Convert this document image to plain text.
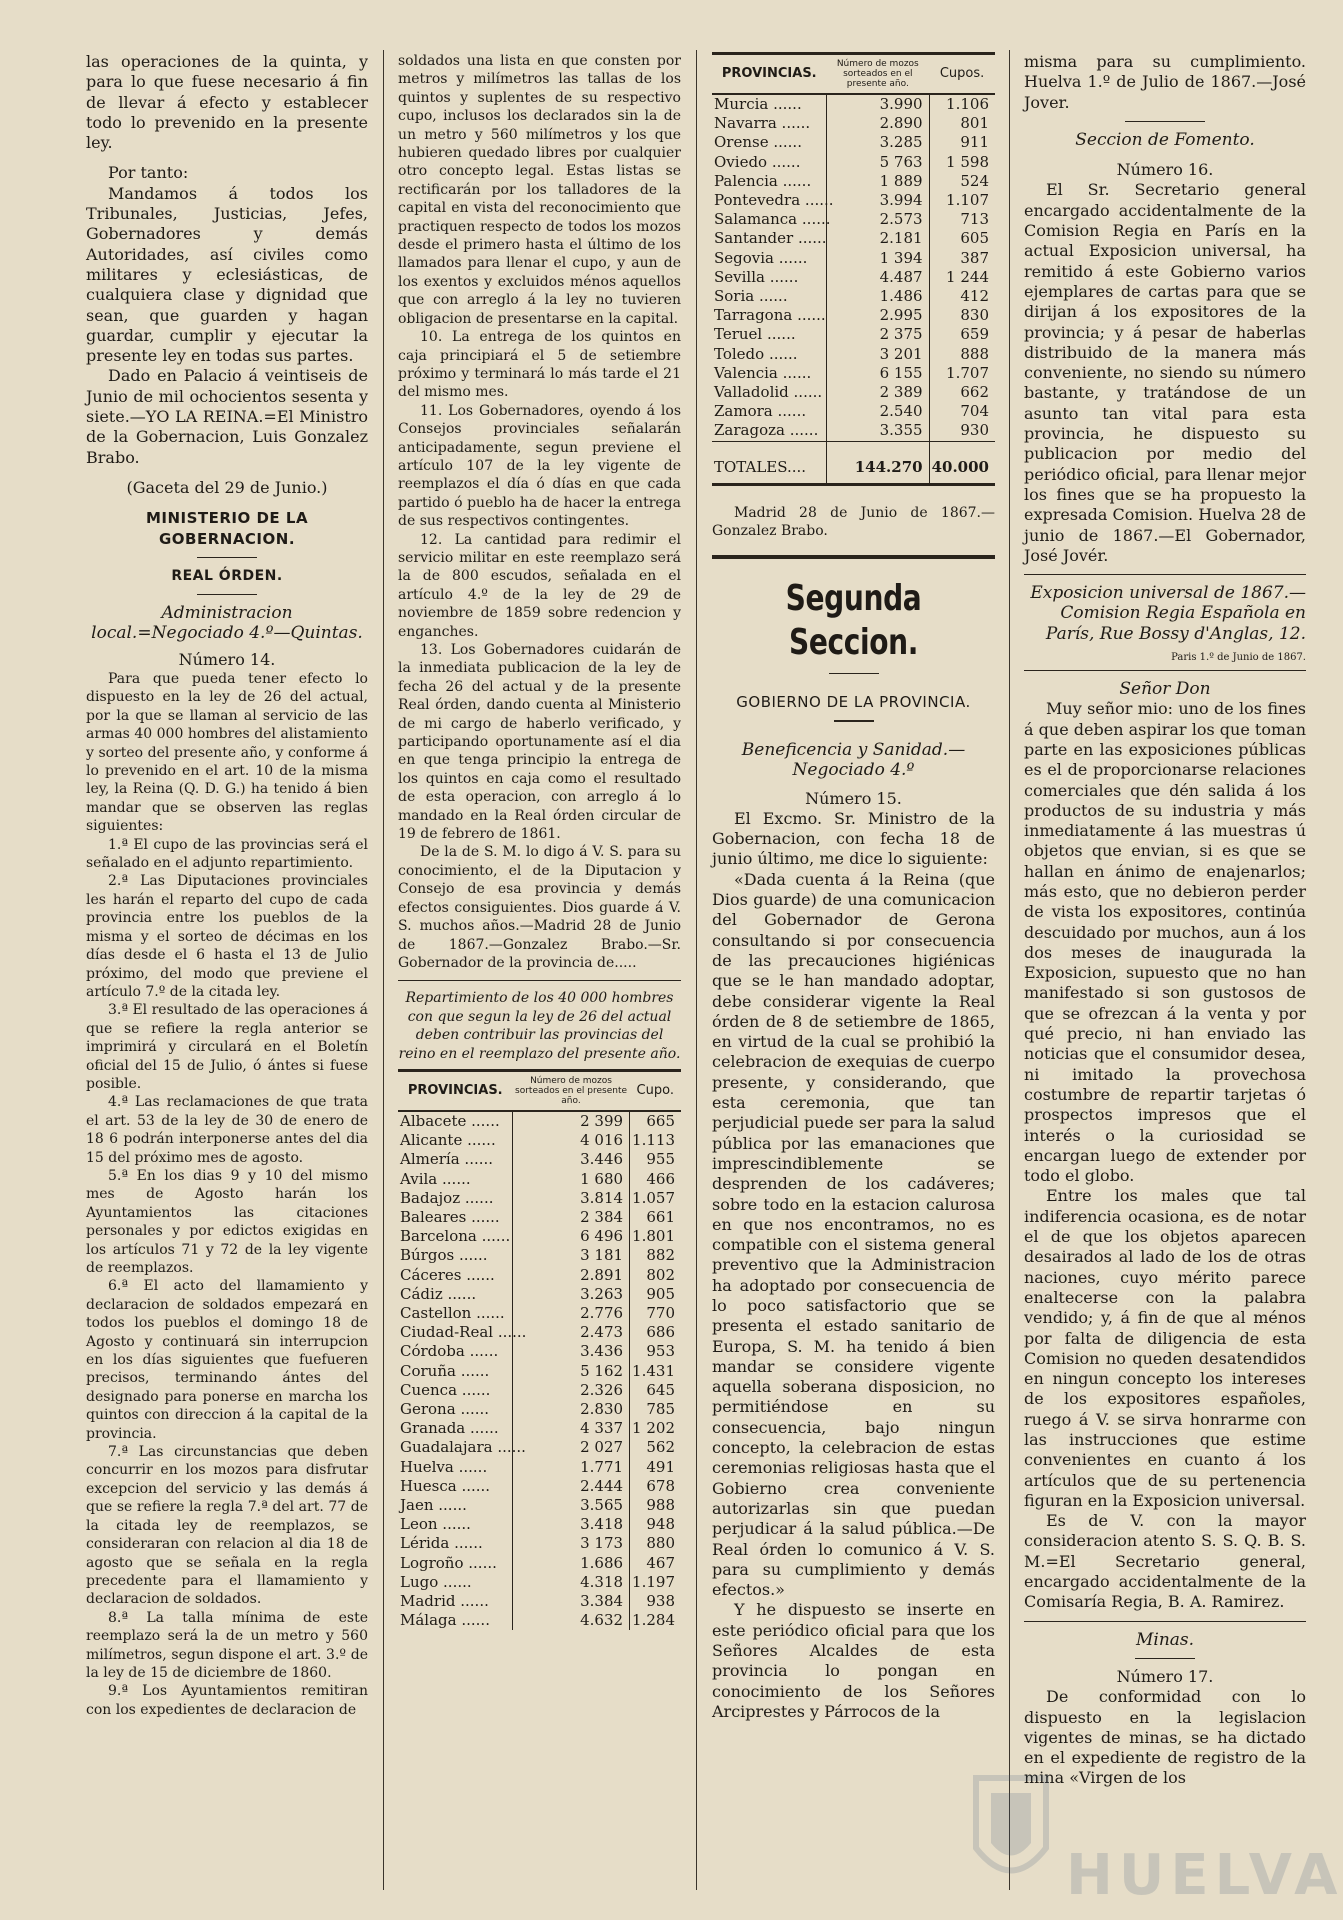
las operaciones de la quinta, y para lo que fuese necesario á fin de llevar á efecto y establecer todo lo prevenido en la presente ley.

Por tanto:

Mandamos á todos los Tribunales, Justicias, Jefes, Gobernadores y demás Autoridades, así civiles como militares y eclesiásticas, de cualquiera clase y dignidad que sean, que guarden y hagan guardar, cumplir y ejecutar la presente ley en todas sus partes.

Dado en Palacio á veintiseis de Junio de mil ochocientos sesenta y siete.—YO LA REINA.=El Ministro de la Gobernacion, Luis Gonzalez Brabo.

(Gaceta del 29 de Junio.)

MINISTERIO DE LA GOBERNACION.

REAL ÓRDEN.

Administracion local.=Negociado 4.º—Quintas.

Número 14.

Para que pueda tener efecto lo dispuesto en la ley de 26 del actual, por la que se llaman al servicio de las armas 40 000 hombres del alistamiento y sorteo del presente año, y conforme á lo prevenido en el art. 10 de la misma ley, la Reina (Q. D. G.) ha tenido á bien mandar que se observen las reglas siguientes:

1.ª El cupo de las provincias será el señalado en el adjunto repartimiento.

2.ª Las Diputaciones provinciales les harán el reparto del cupo de cada provincia entre los pueblos de la misma y el sorteo de décimas en los días desde el 6 hasta el 13 de Julio próximo, del modo que previene el artículo 7.º de la citada ley.

3.ª El resultado de las operaciones á que se refiere la regla anterior se imprimirá y circulará en el Boletín oficial del 15 de Julio, ó ántes si fuese posible.

4.ª Las reclamaciones de que trata el art. 53 de la ley de 30 de enero de 18 6 podrán interponerse antes del dia 15 del próximo mes de agosto.

5.ª En los dias 9 y 10 del mismo mes de Agosto harán los Ayuntamientos las citaciones personales y por edictos exigidas en los artículos 71 y 72 de la ley vigente de reemplazos.

6.ª El acto del llamamiento y declaracion de soldados empezará en todos los pueblos el domingo 18 de Agosto y continuará sin interrupcion en los días siguientes que fuefueren precisos, terminando ántes del designado para ponerse en marcha los quintos con direccion á la capital de la provincia.

7.ª Las circunstancias que deben concurrir en los mozos para disfrutar excepcion del servicio y las demás á que se refiere la regla 7.ª del art. 77 de la citada ley de reemplazos, se consideraran con relacion al dia 18 de agosto que se señala en la regla precedente para el llamamiento y declaracion de soldados.

8.ª La talla mínima de este reemplazo será la de un metro y 560 milímetros, segun dispone el art. 3.º de la ley de 15 de diciembre de 1860.

9.ª Los Ayuntamientos remitiran con los expedientes de declaracion de

soldados una lista en que consten por metros y milímetros las tallas de los quintos y suplentes de su respectivo cupo, inclusos los declarados sin la de un metro y 560 milímetros y los que hubieren quedado libres por cualquier otro concepto legal. Estas listas se rectificarán por los talladores de la capital en vista del reconocimiento que practiquen respecto de todos los mozos desde el primero hasta el último de los llamados para llenar el cupo, y aun de los exentos y excluidos ménos aquellos que con arreglo á la ley no tuvieren obligacion de presentarse en la capital.

10. La entrega de los quintos en caja principiará el 5 de setiembre próximo y terminará lo más tarde el 21 del mismo mes.

11. Los Gobernadores, oyendo á los Consejos provinciales señalarán anticipadamente, segun previene el artículo 107 de la ley vigente de reemplazos el día ó días en que cada partido ó pueblo ha de hacer la entrega de sus respectivos contingentes.

12. La cantidad para redimir el servicio militar en este reemplazo será la de 800 escudos, señalada en el artículo 4.º de la ley de 29 de noviembre de 1859 sobre redencion y enganches.

13. Los Gobernadores cuidarán de la inmediata publicacion de la ley de fecha 26 del actual y de la presente Real órden, dando cuenta al Ministerio de mi cargo de haberlo verificado, y participando oportunamente así el dia en que tenga principio la entrega de los quintos en caja como el resultado de esta operacion, con arreglo á lo mandado en la Real órden circular de 19 de febrero de 1861.

De la de S. M. lo digo á V. S. para su conocimiento, el de la Diputacion y Consejo de esa provincia y demás efectos consiguientes. Dios guarde á V. S. muchos años.—Madrid 28 de Junio de 1867.—Gonzalez Brabo.—Sr. Gobernador de la provincia de.....

Repartimiento de los 40 000 hombres con que segun la ley de 26 del actual deben contribuir las provincias del reino en el reemplazo del presente año.

PROVINCIAS.	Número de mozos sorteados en el presente año.	Cupo.
Albacete ......	2 399	665
Alicante ......	4 016	1.113
Almería ......	3.446	955
Avila ......	1 680	466
Badajoz ......	3.814	1.057
Baleares ......	2 384	661
Barcelona ......	6 496	1.801
Búrgos ......	3 181	882
Cáceres ......	2.891	802
Cádiz ......	3.263	905
Castellon ......	2.776	770
Ciudad-Real ......	2.473	686
Córdoba ......	3.436	953
Coruña ......	5 162	1.431
Cuenca ......	2.326	645
Gerona ......	2.830	785
Granada ......	4 337	1 202
Guadalajara ......	2 027	562
Huelva ......	1.771	491
Huesca ......	2.444	678
Jaen ......	3.565	988
Leon ......	3.418	948
Lérida ......	3 173	880
Logroño ......	1.686	467
Lugo ......	4.318	1.197
Madrid ......	3.384	938
Málaga ......	4.632	1.284
PROVINCIAS.	Número de mozos sorteados en el presente año.	Cupos.
Murcia ......	3.990	1.106
Navarra ......	2.890	801
Orense ......	3.285	911
Oviedo ......	5 763	1 598
Palencia ......	1 889	524
Pontevedra ......	3.994	1.107
Salamanca ......	2.573	713
Santander ......	2.181	605
Segovia ......	1 394	387
Sevilla ......	4.487	1 244
Soria ......	1.486	412
Tarragona ......	2.995	830
Teruel ......	2 375	659
Toledo ......	3 201	888
Valencia ......	6 155	1.707
Valladolid ......	2 389	662
Zamora ......	2.540	704
Zaragoza ......	3.355	930
TOTALES....	144.270	40.000

Madrid 28 de Junio de 1867.—Gonzalez Brabo.

Segunda Seccion.

GOBIERNO DE LA PROVINCIA.

Beneficencia y Sanidad.—Negociado 4.º

Número 15.

El Excmo. Sr. Ministro de la Gobernacion, con fecha 18 de junio último, me dice lo siguiente:

«Dada cuenta á la Reina (que Dios guarde) de una comunicacion del Gobernador de Gerona consultando si por consecuencia de las precauciones higiénicas que se le han mandado adoptar, debe considerar vigente la Real órden de 8 de setiembre de 1865, en virtud de la cual se prohibió la celebracion de exequias de cuerpo presente, y considerando, que esta ceremonia, que tan perjudicial puede ser para la salud pública por las emanaciones que imprescindiblemente se desprenden de los cadáveres; sobre todo en la estacion calurosa en que nos encontramos, no es compatible con el sistema general preventivo que la Administracion ha adoptado por consecuencia de lo poco satisfactorio que se presenta el estado sanitario de Europa, S. M. ha tenido á bien mandar se considere vigente aquella soberana disposicion, no permitiéndose en su consecuencia, bajo ningun concepto, la celebracion de estas ceremonias religiosas hasta que el Gobierno crea conveniente autorizarlas sin que puedan perjudicar á la salud pública.—De Real órden lo comunico á V. S. para su cumplimiento y demás efectos.»

Y he dispuesto se inserte en este periódico oficial para que los Señores Alcaldes de esta provincia lo pongan en conocimiento de los Señores Arciprestes y Párrocos de la

misma para su cumplimiento. Huelva 1.º de Julio de 1867.—José Jover.

Seccion de Fomento.

Número 16.

El Sr. Secretario general encargado accidentalmente de la Comision Regia en París en la actual Exposicion universal, ha remitido á este Gobierno varios ejemplares de cartas para que se dirijan á los expositores de la provincia; y á pesar de haberlas distribuido de la manera más conveniente, no siendo su número bastante, y tratándose de un asunto tan vital para esta provincia, he dispuesto su publicacion por medio del periódico oficial, para llenar mejor los fines que se ha propuesto la expresada Comision. Huelva 28 de junio de 1867.—El Gobernador, José Jovér.

Exposicion universal de 1867.—

Comision Regia Española en

París, Rue Bossy d'Anglas, 12.

Paris 1.º de Junio de 1867.

Señor Don

Muy señor mio: uno de los fines á que deben aspirar los que toman parte en las exposiciones públicas es el de proporcionarse relaciones comerciales que dén salida á los productos de su industria y más inmediatamente á las muestras ú objetos que envian, si es que se hallan en ánimo de enajenarlos; más esto, que no debieron perder de vista los expositores, continúa descuidado por muchos, aun á los dos meses de inaugurada la Exposicion, supuesto que no han manifestado si son gustosos de que se ofrezcan á la venta y por qué precio, ni han enviado las noticias que el consumidor desea, ni imitado la provechosa costumbre de repartir tarjetas ó prospectos impresos que el interés o la curiosidad se encargan luego de extender por todo el globo.

Entre los males que tal indiferencia ocasiona, es de notar el de que los objetos aparecen desairados al lado de los de otras naciones, cuyo mérito parece enaltecerse con la palabra vendido; y, á fin de que al ménos por falta de diligencia de esta Comision no queden desatendidos en ningun concepto los intereses de los expositores españoles, ruego á V. se sirva honrarme con las instrucciones que estime convenientes en cuanto á los artículos que de su pertenencia figuran en la Exposicion universal.

Es de V. con la mayor consideracion atento S. S. Q. B. S. M.=El Secretario general, encargado accidentalmente de la Comisaría Regia, B. A. Ramirez.

Minas.

Número 17.

De conformidad con lo dispuesto en la legislacion vigentes de minas, se ha dictado en el expediente de registro de la mina «Virgen de los

HUELVA
